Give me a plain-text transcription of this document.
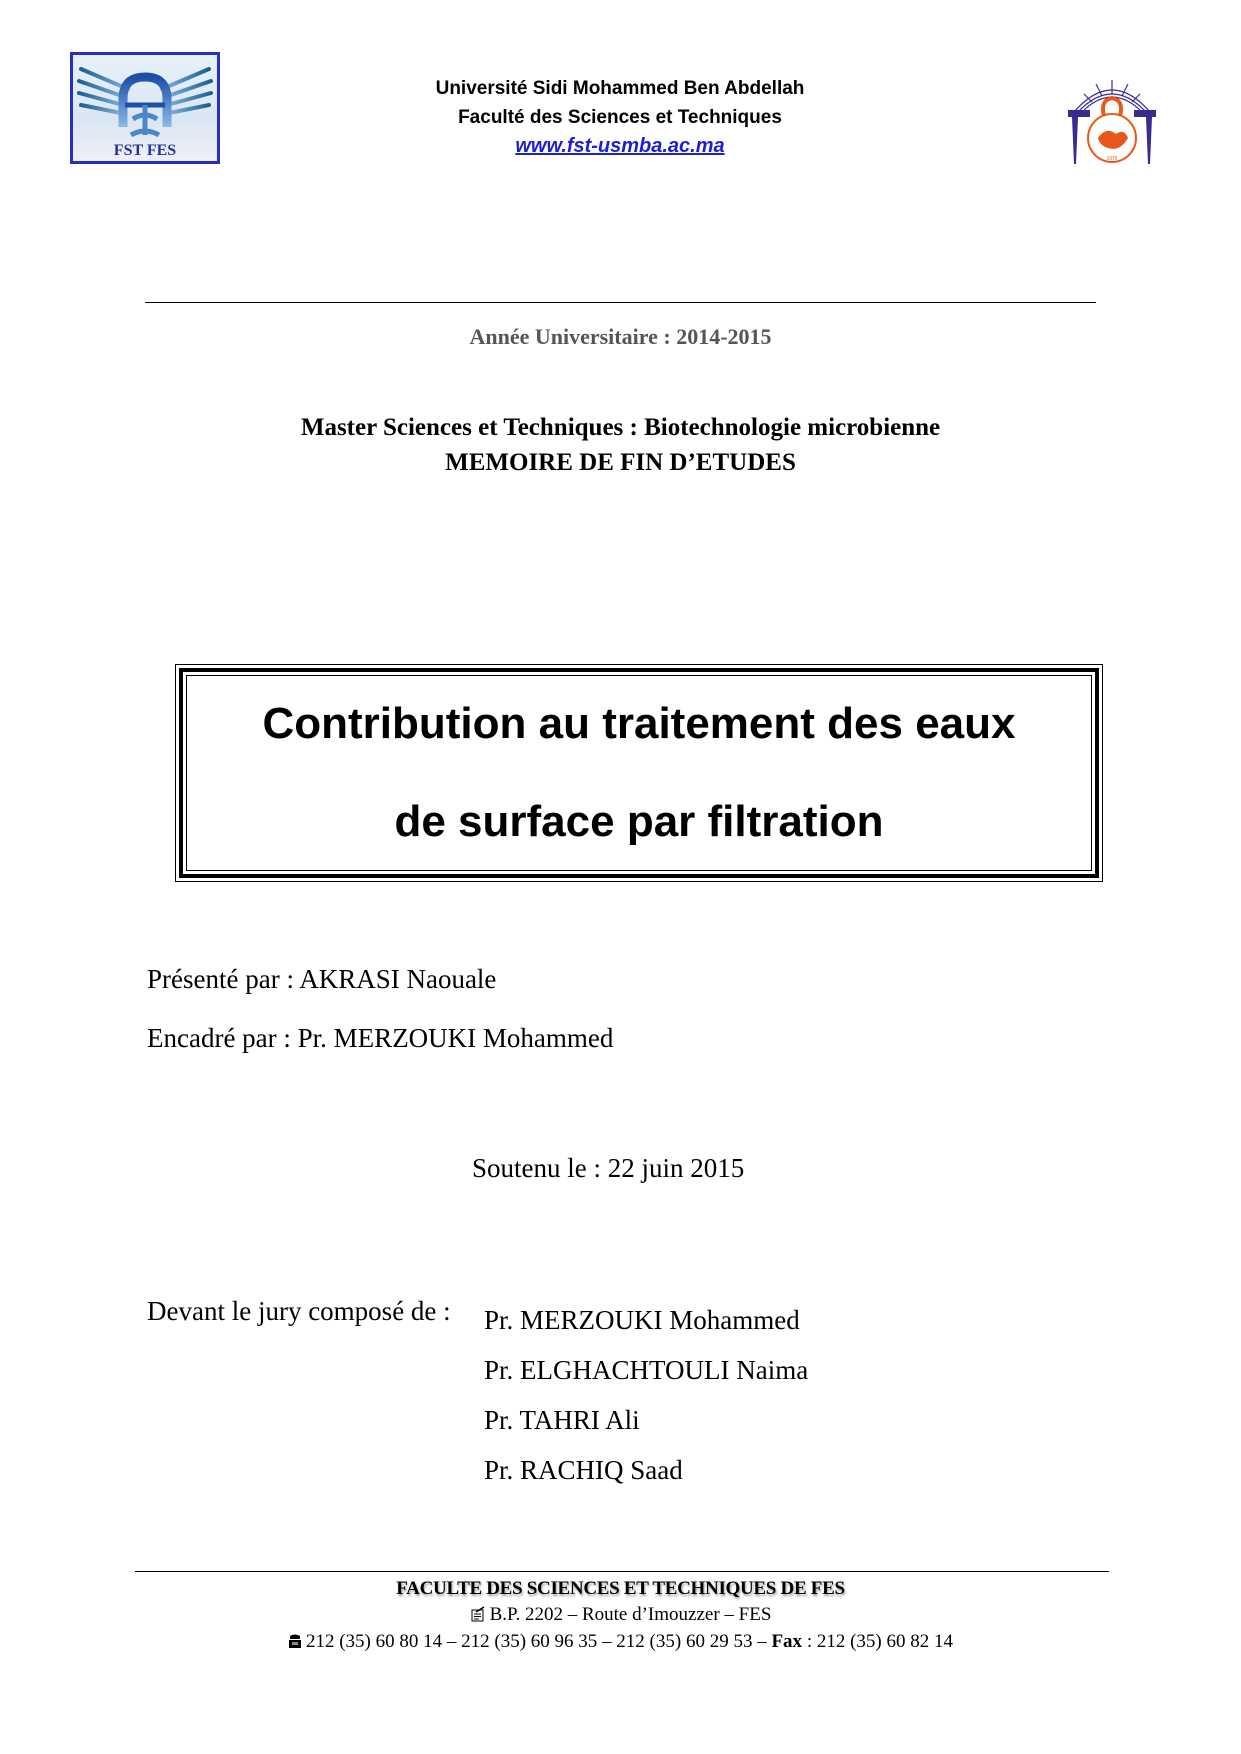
FST FES
Université Sidi Mohammed Ben Abdellah
Faculté des Sciences et Techniques
www.fst-usmba.ac.ma
1975
Année Universitaire : 2014-2015
Master Sciences et Techniques : Biotechnologie microbienne
MEMOIRE DE FIN D’ETUDES
Contribution au traitement des eaux
de surface par filtration
Présenté par : AKRASI Naouale
Encadré par : Pr. MERZOUKI Mohammed
Soutenu le : 22 juin 2015
Devant le jury composé de : Pr. MERZOUKI Mohammed
Pr. ELGHACHTOULI Naima
Pr. TAHRI Ali
Pr. RACHIQ Saad
FACULTE DES SCIENCES ET TECHNIQUES DE FES
B.P. 2202 – Route d’Imouzzer – FES
212 (35) 60 80 14 – 212 (35) 60 96 35 – 212 (35) 60 29 53 – Fax : 212 (35) 60 82 14
